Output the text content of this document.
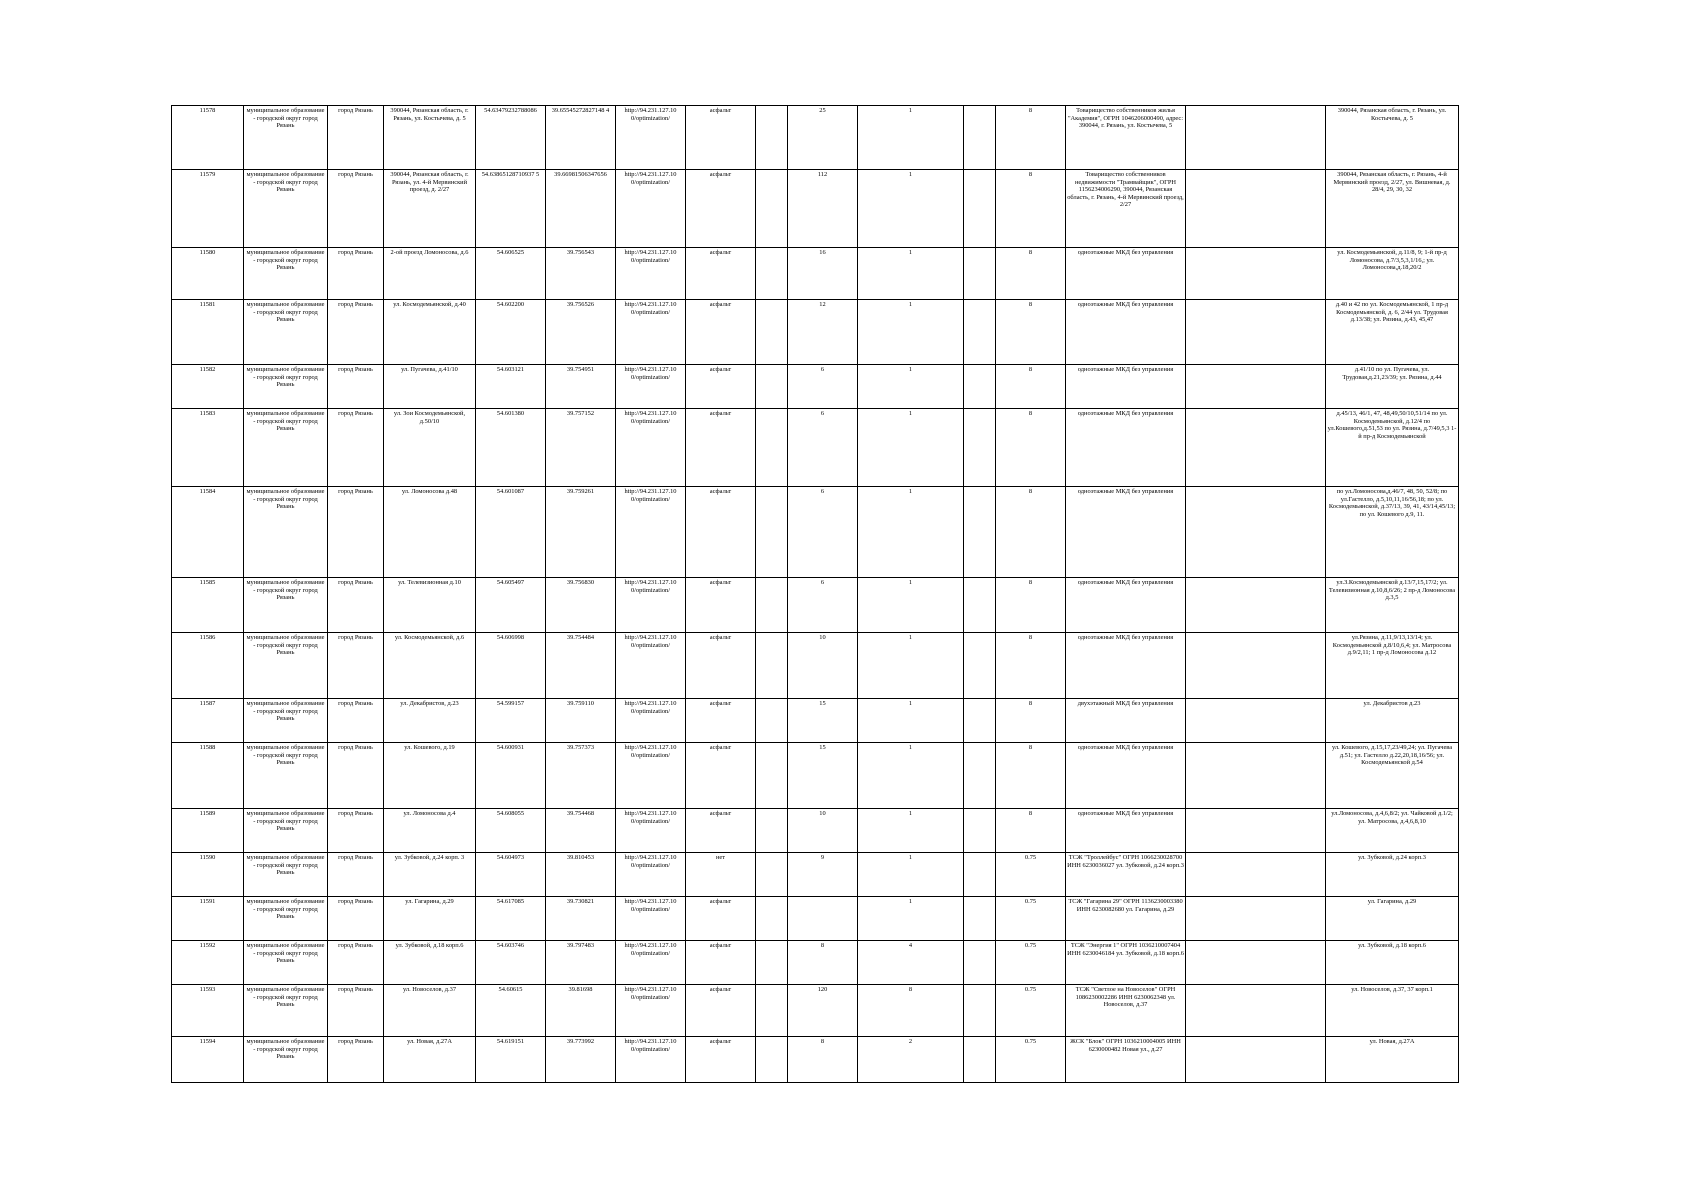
11578	муниципальное образование - городской округ город Рязань	город Рязань	390044, Рязанская область, г. Рязань, ул. Костычева, д. 5	54.63479232788086	39.65545272827148 4	http://94.231.127.10 0/optimization/	асфальт		25	1		8	Товарищество собственников жилья "Академия", ОГРН 1046206000490, адрес: 390044, г. Рязань, ул. Костычева, 5		390044, Рязанская область, г. Рязань, ул. Костычева, д. 5
11579	муниципальное образование - городской округ город Рязань	город Рязань	390044, Рязанская область, г. Рязань, ул. 4-й Мервинский проезд, д. 2/27	54.63865128710937 5	39.66981506347656	http://94.231.127.10 0/optimization/	асфальт		112	1		8	Товарищество собственников недвижимости "Трамвайщик", ОГРН 1156234006290, 390044, Рязанская область, г. Рязань, 4-й Мервинский проезд, 2/27		390044, Рязанская область, г. Рязань, 4-й Мервинский проезд, 2/27, ул. Вишневая, д. 28/4, 29, 30, 32
11580	муниципальное образование - городской округ город Рязань	город Рязань	2-ой проезд Ломоносова, д.6	54.606525	39.756543	http://94.231.127.10 0/optimization/	асфальт		16	1		8	одноэтажные МКД без управления		ул. Космодемьянской, д.11/8, 9; 1-й пр-д Ломоносова, д.7/3,5,3,1/16,; ул. Ломоносова,д.18,20/2
11581	муниципальное образование - городской округ город Рязань	город Рязань	ул. Космодемьянской, д.40	54.602200	39.756526	http://94.231.127.10 0/optimization/	асфальт		12	1		8	одноэтажные МКД без управления		д.40 и 42 по ул. Космодемьянской, 1 пр-д Космодемьянской, д. 6, 2/44 ул. Трудовая д.13/38; ул. Рязина, д.43, 45,47
11582	муниципальное образование - городской округ город Рязань	город Рязань	ул. Пугачева, д.41/10	54.603121	39.754951	http://94.231.127.10 0/optimization/	асфальт		6	1		8	одноэтажные МКД без управления		д.41/10 по ул. Пугачева, ул. Трудовая,д.21,23/39; ул. Рязина, д.44
11583	муниципальное образование - городской округ город Рязань	город Рязань	ул. Зои Космодемьянской, д.50/10	54.601380	39.757152	http://94.231.127.10 0/optimization/	асфальт		6	1		8	одноэтажные МКД без управления		д.45/13, 46/1, 47, 48,49,50/10,51/14 по ул. Космодемьянской, д.12/4 по ул.Кошевого,д.51,53 по ул. Рязина, д.7/49,5,3 1-й пр-д Космодемьянской
11584	муниципальное образование - городской округ город Рязань	город Рязань	ул. Ломоносова д.48	54.601087	39.759261	http://94.231.127.10 0/optimization/	асфальт		6	1		8	одноэтажные МКД без управления		по ул.Ломоносова,д.46/7, 48, 50, 52/8; по ул.Гастелло, д.5,10,11,16/56,18; по ул. Космодемьянской, д.37/13, 39, 41, 43/14,45/13; по ул. Кошевого д.9, 11.
11585	муниципальное образование - городской округ город Рязань	город Рязань	ул. Телевизионная д.10	54.605497	39.756830	http://94.231.127.10 0/optimization/	асфальт		6	1		8	одноэтажные МКД без управления		ул.З.Космодемьянской д.13/7,15,17/2; ул. Телевизионная д.10,8,6/26; 2 пр-д Ломоносова д.3,5
11586	муниципальное образование - городской округ город Рязань	город Рязань	ул. Космодемьянской, д.6	54.606998	39.754484	http://94.231.127.10 0/optimization/	асфальт		10	1		8	одноэтажные МКД без управления		ул.Рязина, д.11,9/13,13/14; ул. Космодемьянской д.8/10,6,4; ул. Матросова д.9/2,11; 1 пр-д Ломоносова д.12
11587	муниципальное образование - городской округ город Рязань	город Рязань	ул. Декабристов, д.23	54.599157	39.759110	http://94.231.127.10 0/optimization/	асфальт		15	1		8	двухэтажный МКД без управления		ул. Декабристов д.23
11588	муниципальное образование - городской округ город Рязань	город Рязань	ул. Кошевого, д.19	54.600931	39.757373	http://94.231.127.10 0/optimization/	асфальт		15	1		8	одноэтажные МКД без управления		ул. Кошевого, д.15,17,23/49,24; ул. Пугачева д.51; ул. Гастелло д.22,20,18,16/56; ул. Космодемьянской д.54
11589	муниципальное образование - городской округ город Рязань	город Рязань	ул. Ломоносова д.4	54.608055	39.754468	http://94.231.127.10 0/optimization/	асфальт		10	1		8	одноэтажные МКД без управления		ул.Ломоносова, д.4,6,8/2; ул. Чайковой д.1/2; ул. Матросова, д.4,6,8,10
11590	муниципальное образование - городской округ город Рязань	город Рязань	ул. Зубковой, д.24 корп. 3	54.604973	39.810453	http://94.231.127.10 0/optimization/	нет		9	1		0.75	ТСЖ "Троллейбус" ОГРН 1066230028700 ИНН 6230036027 ул. Зубковой, д.24 корп.3		ул. Зубковой, д.24 корп.3
11591	муниципальное образование - городской округ город Рязань	город Рязань	ул. Гагарина, д.29	54.617085	39.730821	http://94.231.127.10 0/optimization/	асфальт			1		0.75	ТСЖ "Гагарина 29" ОГРН 1136230003380 ИНН 6230082680 ул. Гагарина, д.29		ул. Гагарина, д.29
11592	муниципальное образование - городской округ город Рязань	город Рязань	ул. Зубковой, д.18 корп.6	54.603746	39.797483	http://94.231.127.10 0/optimization/	асфальт		8	4		0.75	ТСЖ "Энергия 1" ОГРН 1036210007404 ИНН 6230046184 ул. Зубковой, д.18 корп.6		ул. Зубковой, д.18 корп.6
11593	муниципальное образование - городской округ город Рязань	город Рязань	ул. Новоселов, д.37	54.60615	39.81698	http://94.231.127.10 0/optimization/	асфальт		120	8		0.75	ТСЖ "Светлое на Новоселов" ОГРН 1086230002286 ИНН 6230062348 ул. Новоселов, д.37		ул. Новоселов, д.37, 37 корп.1
11594	муниципальное образование - городской округ город Рязань	город Рязань	ул. Новая, д.27А	54.619151	39.773992	http://94.231.127.10 0/optimization/	асфальт		8	2		0.75	ЖСК "Блок" ОГРН 1036210004005 ИНН 6230000482 Новая ул., д.27		ул. Новая, д.27А
